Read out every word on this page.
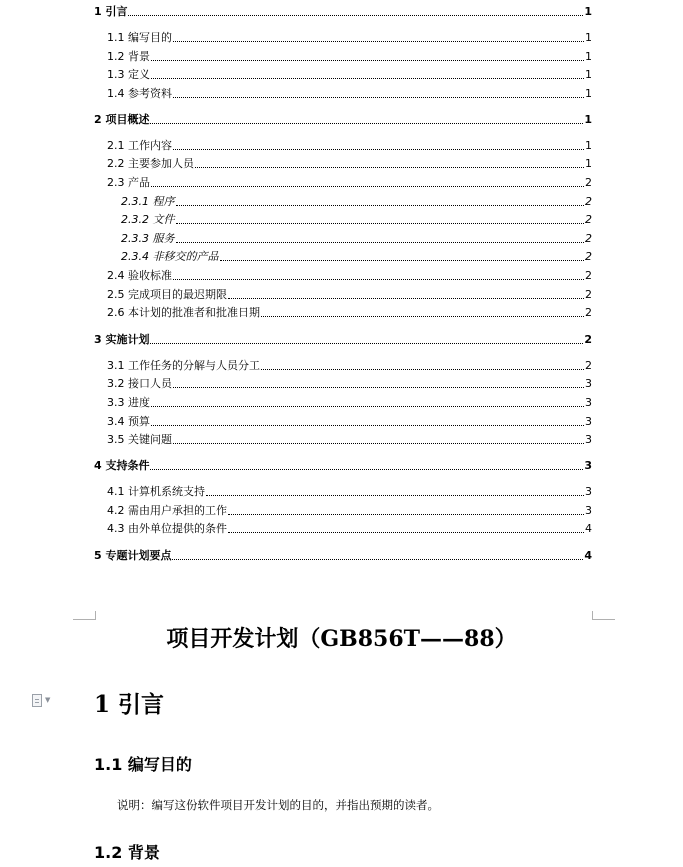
1 引言	1
1.1 编写目的	1
1.2 背景	1
1.3 定义	1
1.4 参考资料	1
2 项目概述	1
2.1 工作内容	1
2.2 主要参加人员	1
2.3 产品	2
2.3.1 程序	2
2.3.2 文件	2
2.3.3 服务	2
2.3.4 非移交的产品	2
2.4 验收标准	2
2.5 完成项目的最迟期限	2
2.6 本计划的批准者和批准日期	2
3 实施计划	2
3.1 工作任务的分解与人员分工	2
3.2 接口人员	3
3.3 进度	3
3.4 预算	3
3.5 关键问题	3
4 支持条件	3
4.1 计算机系统支持	3
4.2 需由用户承担的工作	3
4.3 由外单位提供的条件	4
5 专题计划要点	4
▼
项目开发计划（GB856T——88）
1 引言
1.1 编写目的

说明：编写这份软件项目开发计划的目的，并指出预期的读者。

1.2 背景
